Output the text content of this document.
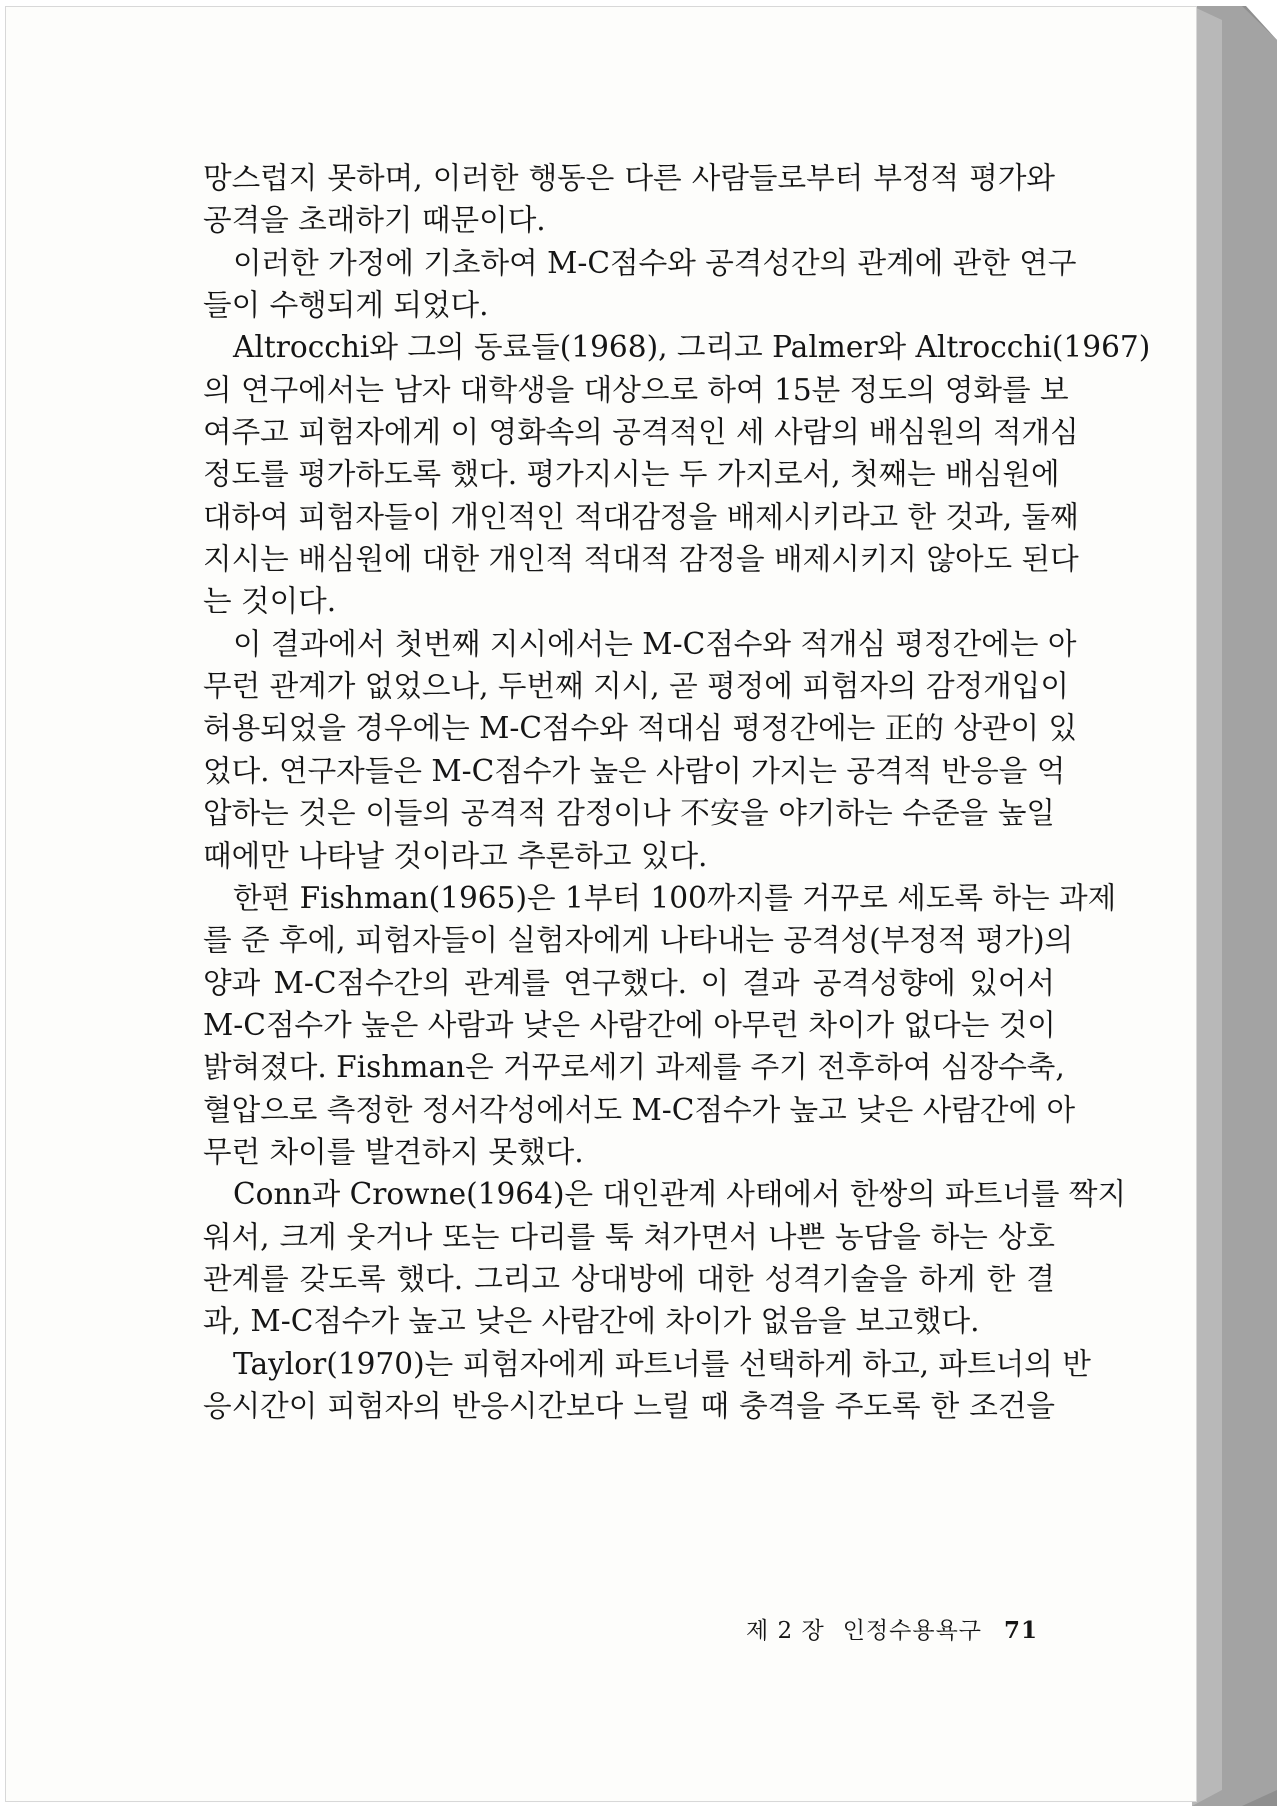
망스럽지 못하며, 이러한 행동은 다른 사람들로부터 부정적 평가와
공격을 초래하기 때문이다.
이러한 가정에 기초하여 M-C점수와 공격성간의 관계에 관한 연구
들이 수행되게 되었다.
Altrocchi와 그의 동료들(1968), 그리고 Palmer와 Altrocchi(1967)
의 연구에서는 남자 대학생을 대상으로 하여 15분 정도의 영화를 보
여주고 피험자에게 이 영화속의 공격적인 세 사람의 배심원의 적개심
정도를 평가하도록 했다. 평가지시는 두 가지로서, 첫째는 배심원에
대하여 피험자들이 개인적인 적대감정을 배제시키라고 한 것과, 둘째
지시는 배심원에 대한 개인적 적대적 감정을 배제시키지 않아도 된다
는 것이다.
이 결과에서 첫번째 지시에서는 M-C점수와 적개심 평정간에는 아
무런 관계가 없었으나, 두번째 지시, 곧 평정에 피험자의 감정개입이
허용되었을 경우에는 M-C점수와 적대심 평정간에는 正的 상관이 있
었다. 연구자들은 M-C점수가 높은 사람이 가지는 공격적 반응을 억
압하는 것은 이들의 공격적 감정이나 不安을 야기하는 수준을 높일
때에만 나타날 것이라고 추론하고 있다.
한편 Fishman(1965)은 1부터 100까지를 거꾸로 세도록 하는 과제
를 준 후에, 피험자들이 실험자에게 나타내는 공격성(부정적 평가)의
양과 M-C점수간의 관계를 연구했다. 이 결과 공격성향에 있어서
M-C점수가 높은 사람과 낮은 사람간에 아무런 차이가 없다는 것이
밝혀졌다. Fishman은 거꾸로세기 과제를 주기 전후하여 심장수축,
혈압으로 측정한 정서각성에서도 M-C점수가 높고 낮은 사람간에 아
무런 차이를 발견하지 못했다.
Conn과 Crowne(1964)은 대인관계 사태에서 한쌍의 파트너를 짝지
워서, 크게 웃거나 또는 다리를 툭 쳐가면서 나쁜 농담을 하는 상호
관계를 갖도록 했다. 그리고 상대방에 대한 성격기술을 하게 한 결
과, M-C점수가 높고 낮은 사람간에 차이가 없음을 보고했다.
Taylor(1970)는 피험자에게 파트너를 선택하게 하고, 파트너의 반
응시간이 피험자의 반응시간보다 느릴 때 충격을 주도록 한 조건을
제 2 장 인정수용욕구 71
